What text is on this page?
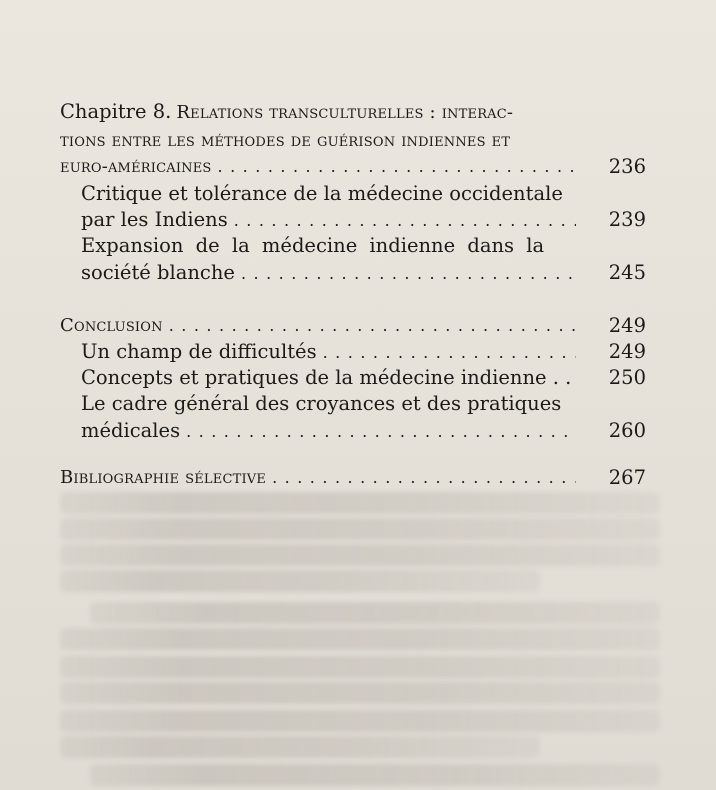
Chapitre 8. Relations transculturelles : interac-
tions entre les méthodes de guérison indiennes et
euro-américaines . . .	236
Critique et tolérance de la médecine occidentale
par les Indiens . . .	239
Expansion de la médecine indienne dans la
société blanche . . .	245
Conclusion . . .	249
Un champ de difficultés . . .	249
Concepts et pratiques de la médecine indienne . .	250
Le cadre général des croyances et des pratiques
médicales . . .	260
Bibliographie sélective . . .	267
